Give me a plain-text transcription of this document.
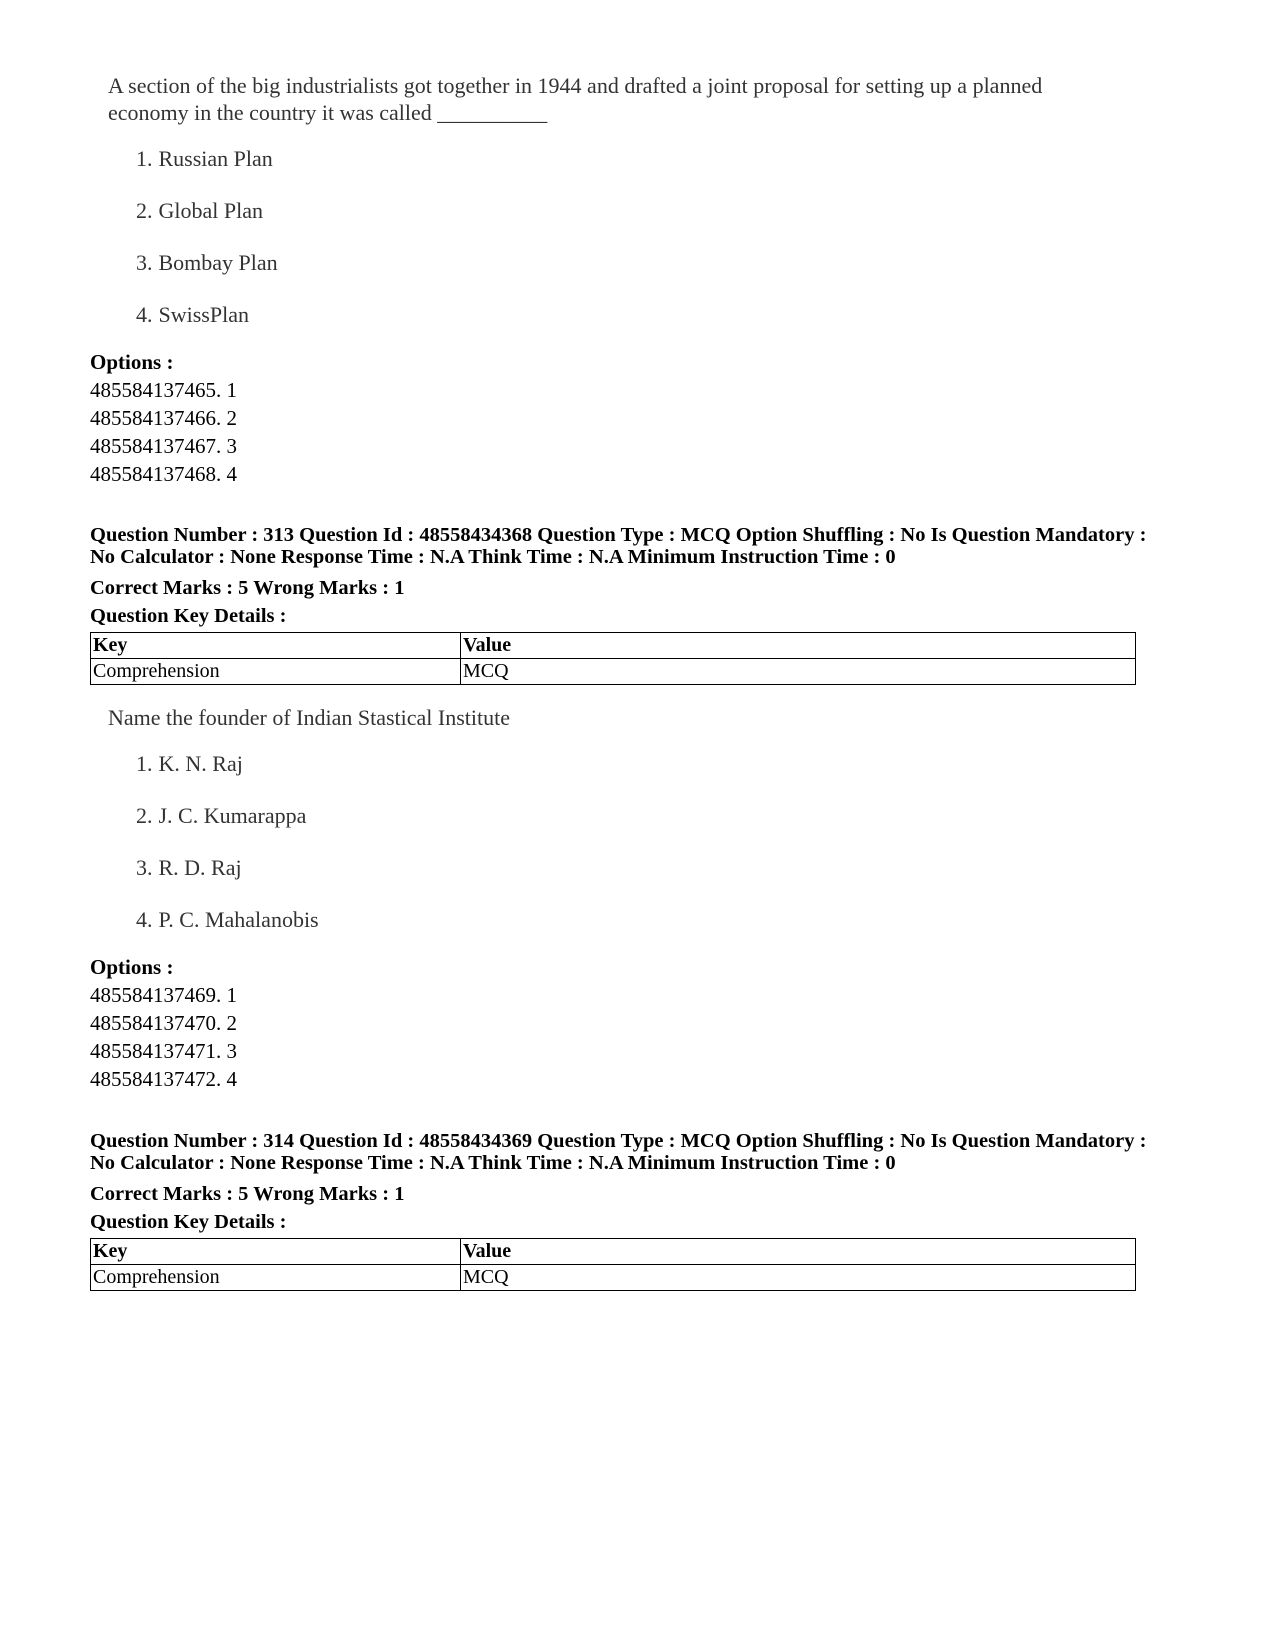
A section of the big industrialists got together in 1944 and drafted a joint proposal for setting up a planned economy in the country it was called __________

1. Russian Plan
2. Global Plan
3. Bombay Plan
4. SwissPlan
Options :
485584137465. 1
485584137466. 2
485584137467. 3
485584137468. 4
Question Number : 313 Question Id : 48558434368 Question Type : MCQ Option Shuffling : No Is Question Mandatory :
No Calculator : None Response Time : N.A Think Time : N.A Minimum Instruction Time : 0
Correct Marks : 5 Wrong Marks : 1
Question Key Details :
Key	Value
Comprehension	MCQ

Name the founder of Indian Stastical Institute

1. K. N. Raj
2. J. C. Kumarappa
3. R. D. Raj
4. P. C. Mahalanobis
Options :
485584137469. 1
485584137470. 2
485584137471. 3
485584137472. 4
Question Number : 314 Question Id : 48558434369 Question Type : MCQ Option Shuffling : No Is Question Mandatory :
No Calculator : None Response Time : N.A Think Time : N.A Minimum Instruction Time : 0
Correct Marks : 5 Wrong Marks : 1
Question Key Details :
Key	Value
Comprehension	MCQ
